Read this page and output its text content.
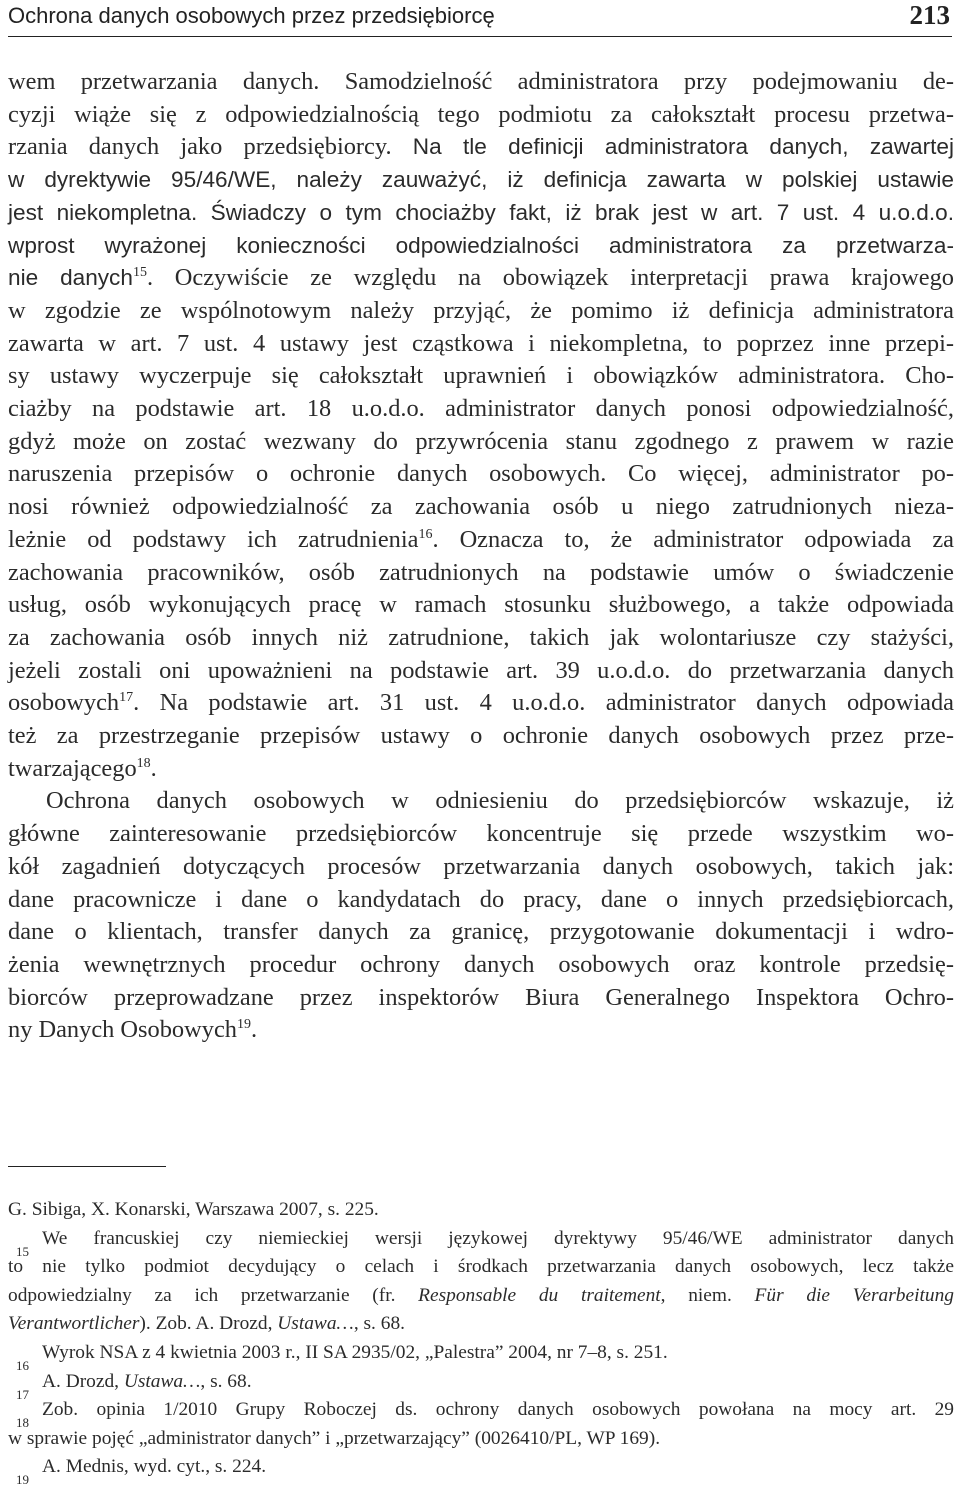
Ochrona danych osobowych przez przedsiębiorcę	213

wem przetwarzania danych. Samodzielność administratora przy podejmowaniu de-
cyzji wiąże się z odpowiedzialnością tego podmiotu za całokształt procesu przetwa-
rzania danych jako przedsiębiorcy. Na tle definicji administratora danych, zawartej
w dyrektywie 95/46/WE, należy zauważyć, iż definicja zawarta w polskiej ustawie
jest niekompletna. Świadczy o tym chociażby fakt, iż brak jest w art. 7 ust. 4 u.o.d.o.
wprost wyrażonej konieczności odpowiedzialności administratora za przetwarza-
nie danych$^{15}$. Oczywiście ze względu na obowiązek interpretacji prawa krajowego
w zgodzie ze wspólnotowym należy przyjąć, że pomimo iż definicja administratora
zawarta w art. 7 ust. 4 ustawy jest cząstkowa i niekompletna, to poprzez inne przepi-
sy ustawy wyczerpuje się całokształt uprawnień i obowiązków administratora. Cho-
ciażby na podstawie art. 18 u.o.d.o. administrator danych ponosi odpowiedzialność,
gdyż może on zostać wezwany do przywrócenia stanu zgodnego z prawem w razie
naruszenia przepisów o ochronie danych osobowych. Co więcej, administrator po-
nosi również odpowiedzialność za zachowania osób u niego zatrudnionych nieza-
leżnie od podstawy ich zatrudnienia$^{16}$. Oznacza to, że administrator odpowiada za
zachowania pracowników, osób zatrudnionych na podstawie umów o świadczenie
usług, osób wykonujących pracę w ramach stosunku służbowego, a także odpowiada
za zachowania osób innych niż zatrudnione, takich jak wolontariusze czy stażyści,
jeżeli zostali oni upoważnieni na podstawie art. 39 u.o.d.o. do przetwarzania danych
osobowych$^{17}$. Na podstawie art. 31 ust. 4 u.o.d.o. administrator danych odpowiada
też za przestrzeganie przepisów ustawy o ochronie danych osobowych przez prze-
twarzającego$^{18}$.

Ochrona danych osobowych w odniesieniu do przedsiębiorców wskazuje, iż
główne zainteresowanie przedsiębiorców koncentruje się przede wszystkim wo-
kół zagadnień dotyczących procesów przetwarzania danych osobowych, takich jak:
dane pracownicze i dane o kandydatach do pracy, dane o innych przedsiębiorcach,
dane o klientach, transfer danych za granicę, przygotowanie dokumentacji i wdro-
żenia wewnętrznych procedur ochrony danych osobowych oraz kontrole przedsię-
biorców przeprowadzane przez inspektorów Biura Generalnego Inspektora Ochro-
ny Danych Osobowych$^{19}$.

G. Sibiga, X. Konarski, Warszawa 2007, s. 225.
15
We francuskiej czy niemieckiej wersji językowej dyrektywy 95/46/WE administrator danych
to nie tylko podmiot decydujący o celach i środkach przetwarzania danych osobowych, lecz także
odpowiedzialny za ich przetwarzanie (fr. Responsable du traitement, niem. Für die Verarbeitung
Verantwortlicher). Zob. A. Drozd, Ustawa…, s. 68.
16
Wyrok NSA z 4 kwietnia 2003 r., II SA 2935/02, „Palestra” 2004, nr 7–8, s. 251.
17
A. Drozd, Ustawa…, s. 68.
18
Zob. opinia 1/2010 Grupy Roboczej ds. ochrony danych osobowych powołana na mocy art. 29
w sprawie pojęć „administrator danych” i „przetwarzający” (0026410/PL, WP 169).
19
A. Mednis, wyd. cyt., s. 224.
